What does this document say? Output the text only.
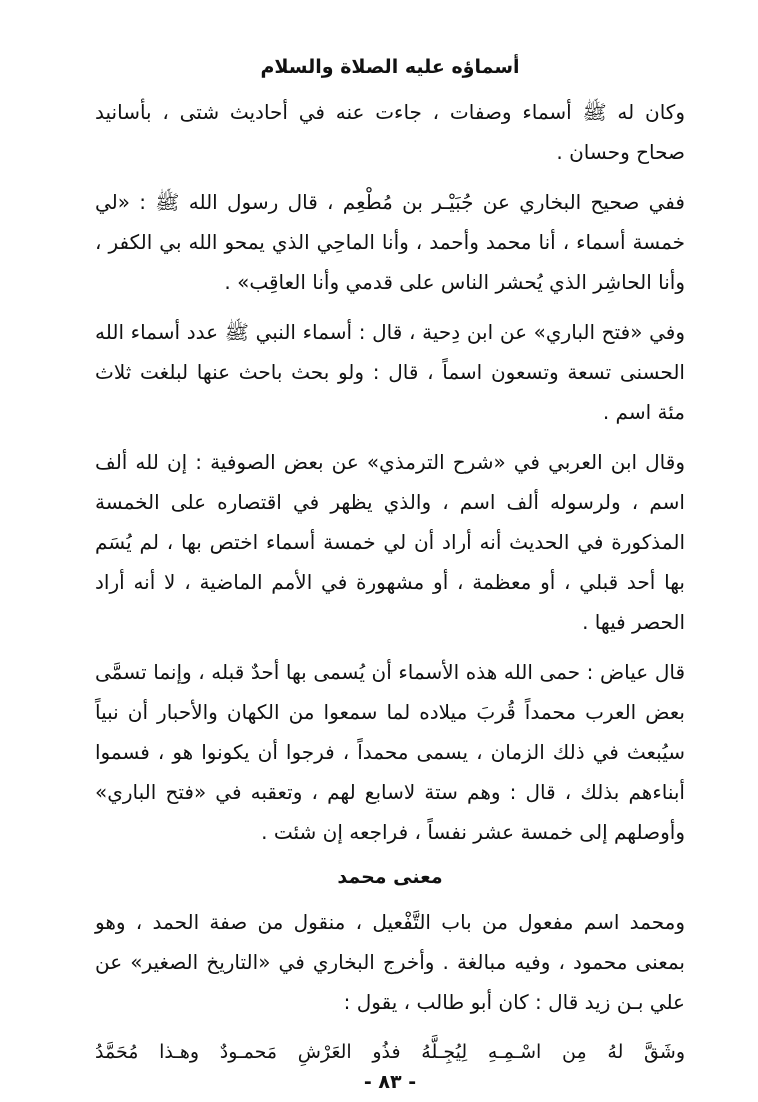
أسماؤه عليه الصلاة والسلام

وكان له ﷺ أسماء وصفات ، جاءت عنه في أحاديث شتى ، بأسانيد صحاح وحسان .

ففي صحيح البخاري عن جُبَيْـر بن مُطْعِم ، قال رسول الله ﷺ : «لي خمسة أسماء ، أنا محمد وأحمد ، وأنا الماحِي الذي يمحو الله بي الكفر ، وأنا الحاشِر الذي يُحشر الناس على قدمي وأنا العاقِب» .

وفي «فتح الباري» عن ابن دِحية ، قال : أسماء النبي ﷺ عدد أسماء الله الحسنى تسعة وتسعون اسماً ، قال : ولو بحث باحث عنها لبلغت ثلاث مئة اسم .

وقال ابن العربي في «شرح الترمذي» عن بعض الصوفية : إن لله ألف اسم ، ولرسوله ألف اسم ، والذي يظهر في اقتصاره على الخمسة المذكورة في الحديث أنه أراد أن لي خمسة أسماء اختص بها ، لم يُسَم بها أحد قبلي ، أو معظمة ، أو مشهورة في الأمم الماضية ، لا أنه أراد الحصر فيها .

قال عياض : حمى الله هذه الأسماء أن يُسمى بها أحدٌ قبله ، وإنما تسمَّى بعض العرب محمداً قُربَ ميلاده لما سمعوا من الكهان والأحبار أن نبياً سيُبعث في ذلك الزمان ، يسمى محمداً ، فرجوا أن يكونوا هو ، فسموا أبناءهم بذلك ، قال : وهم ستة لاسابع لهم ، وتعقبه في «فتح الباري» وأوصلهم إلى خمسة عشر نفساً ، فراجعه إن شئت .

معنى محمد

ومحمد اسم مفعول من باب التَّفْعيل ، منقول من صفة الحمد ، وهو بمعنى محمود ، وفيه مبالغة . وأخرج البخاري في «التاريخ الصغير» عن علي بـن زيد قال : كان أبو طالب ، يقول :

وشَقَّ لهُ مِن اسْـمِـهِ لِيُجِـلَّهُ فذُو العَرْشِ مَحمـودٌ وهـذا مُحَمَّدُ

- ٨٣ -
